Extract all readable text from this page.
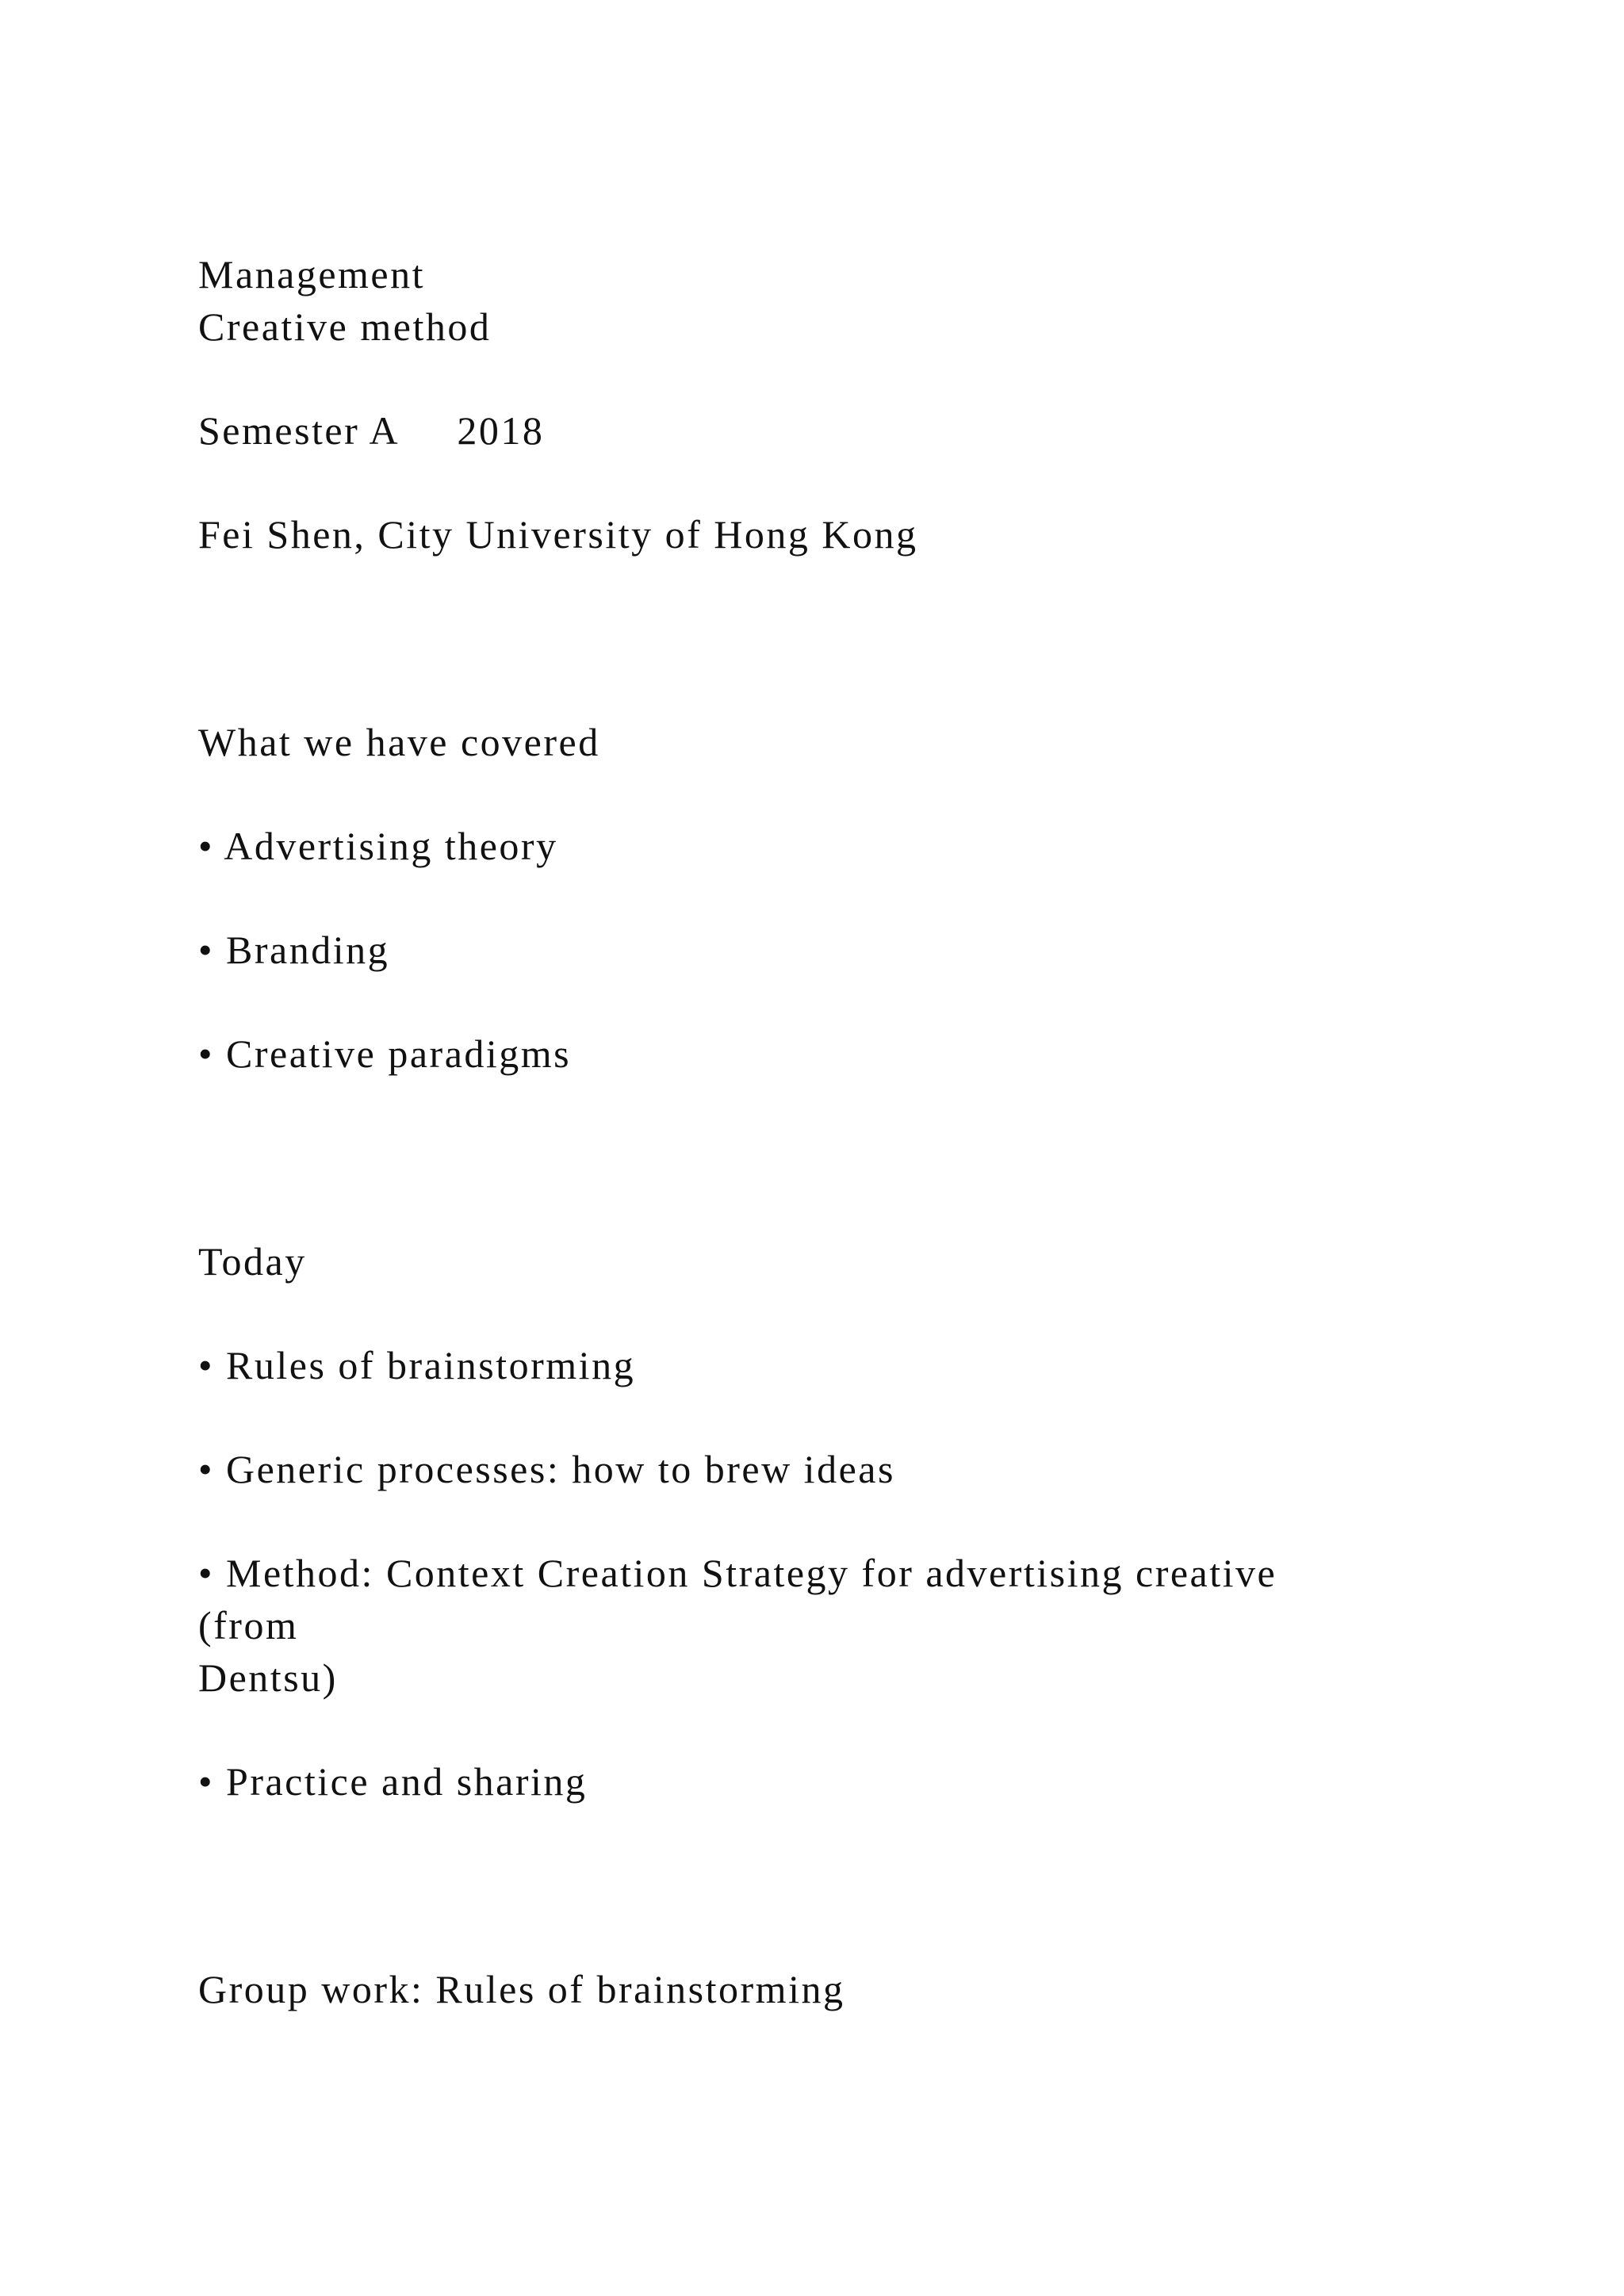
Management

Creative method

Semester A     2018

Fei Shen, City University of Hong Kong

What we have covered

• Advertising theory

• Branding

• Creative paradigms

Today

• Rules of brainstorming

• Generic processes: how to brew ideas

• Method: Context Creation Strategy for advertising creative

(from

Dentsu)

• Practice and sharing

Group work: Rules of brainstorming
